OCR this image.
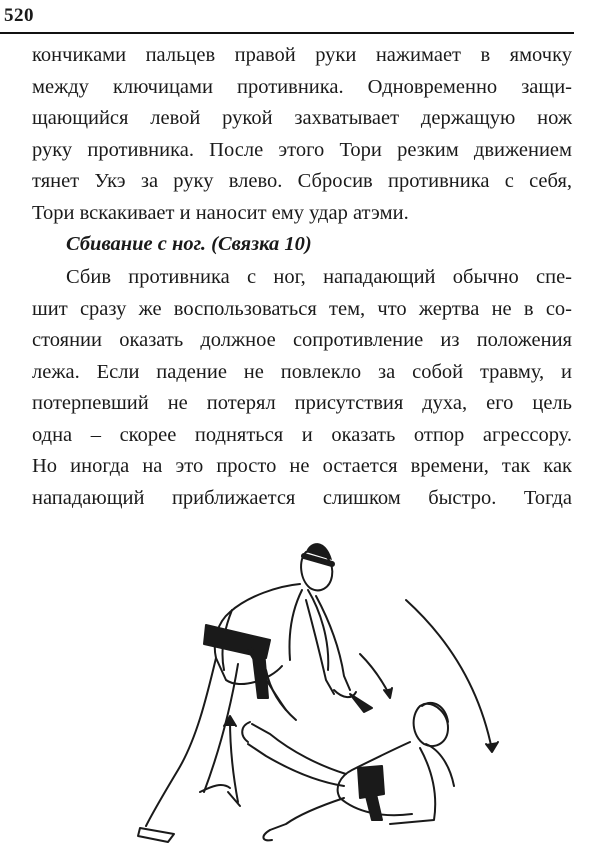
520
кончиками пальцев правой руки нажимает в ямочку
между ключицами противника. Одновременно защи-
щающийся левой рукой захватывает держащую нож
руку противника. После этого Тори резким движением
тянет Укэ за руку влево. Сбросив противника с себя,
Тори вскакивает и наносит ему удар атэми.
Сбивание с ног. (Связка 10)
Сбив противника с ног, нападающий обычно спе-
шит сразу же воспользоваться тем, что жертва не в со-
стоянии оказать должное сопротивление из положения
лежа. Если падение не повлекло за собой травму, и
потерпевший не потерял присутствия духа, его цель
одна – скорее подняться и оказать отпор агрессору.
Но иногда на это просто не остается времени, так как
нападающий приближается слишком быстро. Тогда
